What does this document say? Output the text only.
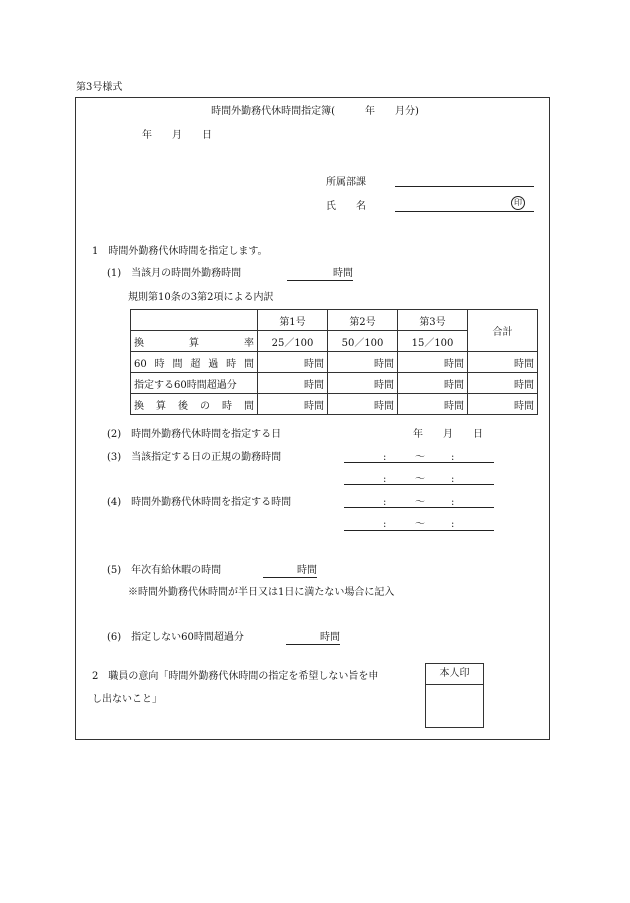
第3号様式
時間外勤務代休時間指定簿(　　　年　　月分)
年　　月　　日
所属部課
氏　　名	印
1　時間外勤務代休時間を指定します。
(1)　当該月の時間外勤務時間	時間
規則第10条の3第2項による内訳
	第1号	第2号	第3号	合計
換　算　率	25／100	50／100	15／100	
60時間超過時間	時間	時間	時間	時間
指定する60時間超過分	時間	時間	時間	時間
換算後の時間	時間	時間	時間	時間
(2)　時間外勤務代休時間を指定する日	年　　月　　日
(3)　当該指定する日の正規の勤務時間
(4)　時間外勤務代休時間を指定する時間
:	～	:
:	～	:
:	～	:
:	～	:
(5)　年次有給休暇の時間	時間
※時間外勤務代休時間が半日又は1日に満たない場合に記入
(6)　指定しない60時間超過分	時間
2　職員の意向「時間外勤務代休時間の指定を希望しない旨を申
し出ないこと」
本人印
